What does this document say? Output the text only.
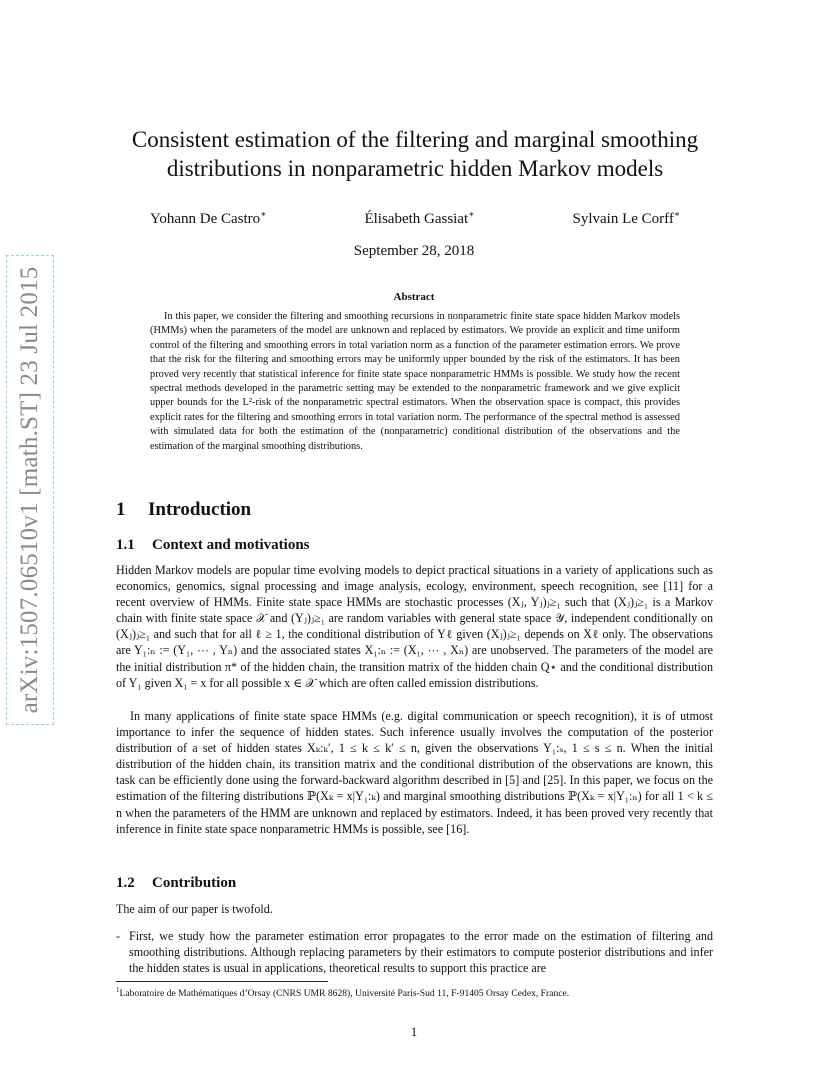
arXiv:1507.06510v1 [math.ST] 23 Jul 2015
Consistent estimation of the filtering and marginal smoothing
distributions in nonparametric hidden Markov models
Yohann De Castro∗	Élisabeth Gassiat∗	Sylvain Le Corff∗
September 28, 2018
Abstract

In this paper, we consider the filtering and smoothing recursions in nonparametric finite state space hidden Markov models (HMMs) when the parameters of the model are unknown and replaced by estimators. We provide an explicit and time uniform control of the filtering and smoothing errors in total variation norm as a function of the parameter estimation errors. We prove that the risk for the filtering and smoothing errors may be uniformly upper bounded by the risk of the estimators. It has been proved very recently that statistical inference for finite state space nonparametric HMMs is possible. We study how the recent spectral methods developed in the parametric setting may be extended to the nonparametric framework and we give explicit upper bounds for the L²-risk of the nonparametric spectral estimators. When the observation space is compact, this provides explicit rates for the filtering and smoothing errors in total variation norm. The performance of the spectral method is assessed with simulated data for both the estimation of the (nonparametric) conditional distribution of the observations and the estimation of the marginal smoothing distributions.

1 Introduction
1.1 Context and motivations

Hidden Markov models are popular time evolving models to depict practical situations in a variety of applications such as economics, genomics, signal processing and image analysis, ecology, environment, speech recognition, see [11] for a recent overview of HMMs. Finite state space HMMs are stochastic processes (Xⱼ, Yⱼ)ⱼ≥₁ such that (Xⱼ)ⱼ≥₁ is a Markov chain with finite state space 𝒳 and (Yⱼ)ⱼ≥₁ are random variables with general state space 𝒴, independent conditionally on (Xⱼ)ⱼ≥₁ and such that for all ℓ ≥ 1, the conditional distribution of Yℓ given (Xⱼ)ⱼ≥₁ depends on Xℓ only. The observations are Y₁:ₙ := (Y₁, ⋯ , Yₙ) and the associated states X₁:ₙ := (X₁, ⋯ , Xₙ) are unobserved. The parameters of the model are the initial distribution π* of the hidden chain, the transition matrix of the hidden chain Q⋆ and the conditional distribution of Y₁ given X₁ = x for all possible x ∈ 𝒳 which are often called emission distributions.

In many applications of finite state space HMMs (e.g. digital communication or speech recognition), it is of utmost importance to infer the sequence of hidden states. Such inference usually involves the computation of the posterior distribution of a set of hidden states Xₖ:ₖ′, 1 ≤ k ≤ k′ ≤ n, given the observations Y₁:ₛ, 1 ≤ s ≤ n. When the initial distribution of the hidden chain, its transition matrix and the conditional distribution of the observations are known, this task can be efficiently done using the forward-backward algorithm described in [5] and [25]. In this paper, we focus on the estimation of the filtering distributions ℙ(Xₖ = x|Y₁:ₖ) and marginal smoothing distributions ℙ(Xₖ = x|Y₁:ₙ) for all 1 < k ≤ n when the parameters of the HMM are unknown and replaced by estimators. Indeed, it has been proved very recently that inference in finite state space nonparametric HMMs is possible, see [16].

1.2 Contribution
The aim of our paper is twofold.
- First, we study how the parameter estimation error propagates to the error made on the estimation of filtering and smoothing distributions. Although replacing parameters by their estimators to compute posterior distributions and infer the hidden states is usual in applications, theoretical results to support this practice are
$^1$Laboratoire de Mathématiques d’Orsay (CNRS UMR 8628), Université Paris-Sud 11, F-91405 Orsay Cedex, France.
1
